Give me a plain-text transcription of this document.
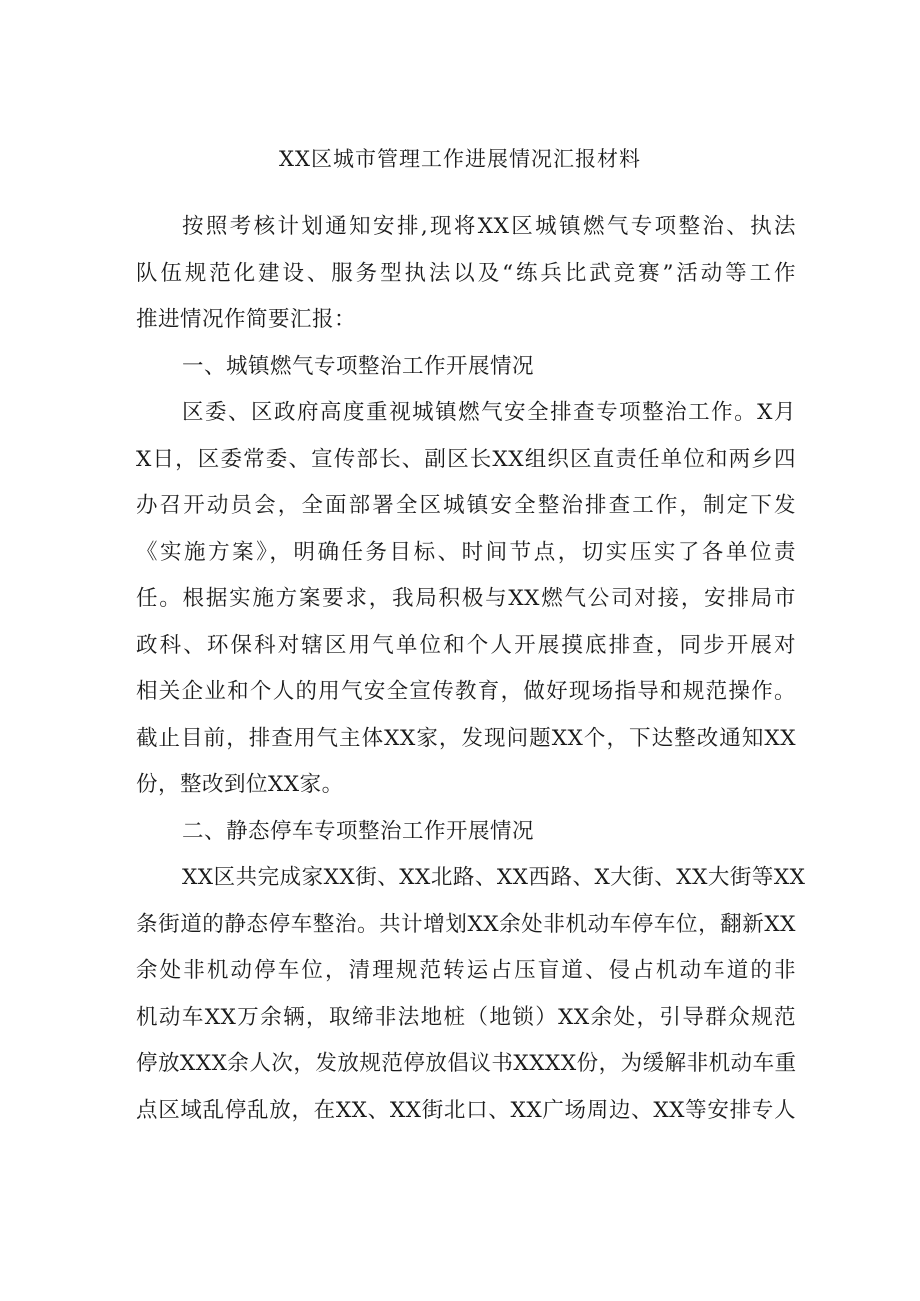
XX区城市管理工作进展情况汇报材料
按照考核计划通知安排,现将XX区城镇燃气专项整治、执法
队伍规范化建设、服务型执法以及“练兵比武竞赛”活动等工作
推进情况作简要汇报：
一、城镇燃气专项整治工作开展情况
区委、区政府高度重视城镇燃气安全排查专项整治工作。X月
X日，区委常委、宣传部长、副区长XX组织区直责任单位和两乡四
办召开动员会，全面部署全区城镇安全整治排查工作，制定下发
《实施方案》，明确任务目标、时间节点，切实压实了各单位责
任。根据实施方案要求，我局积极与XX燃气公司对接，安排局市
政科、环保科对辖区用气单位和个人开展摸底排查，同步开展对
相关企业和个人的用气安全宣传教育，做好现场指导和规范操作。
截止目前，排查用气主体XX家，发现问题XX个，下达整改通知XX
份，整改到位XX家。
二、静态停车专项整治工作开展情况
XX区共完成家XX街、XX北路、XX西路、X大街、XX大街等XX
条街道的静态停车整治。共计增划XX余处非机动车停车位，翻新XX
余处非机动停车位，清理规范转运占压盲道、侵占机动车道的非
机动车XX万余辆，取缔非法地桩（地锁）XX余处，引导群众规范
停放XXX余人次，发放规范停放倡议书XXXX份，为缓解非机动车重
点区域乱停乱放，在XX、XX街北口、XX广场周边、XX等安排专人
